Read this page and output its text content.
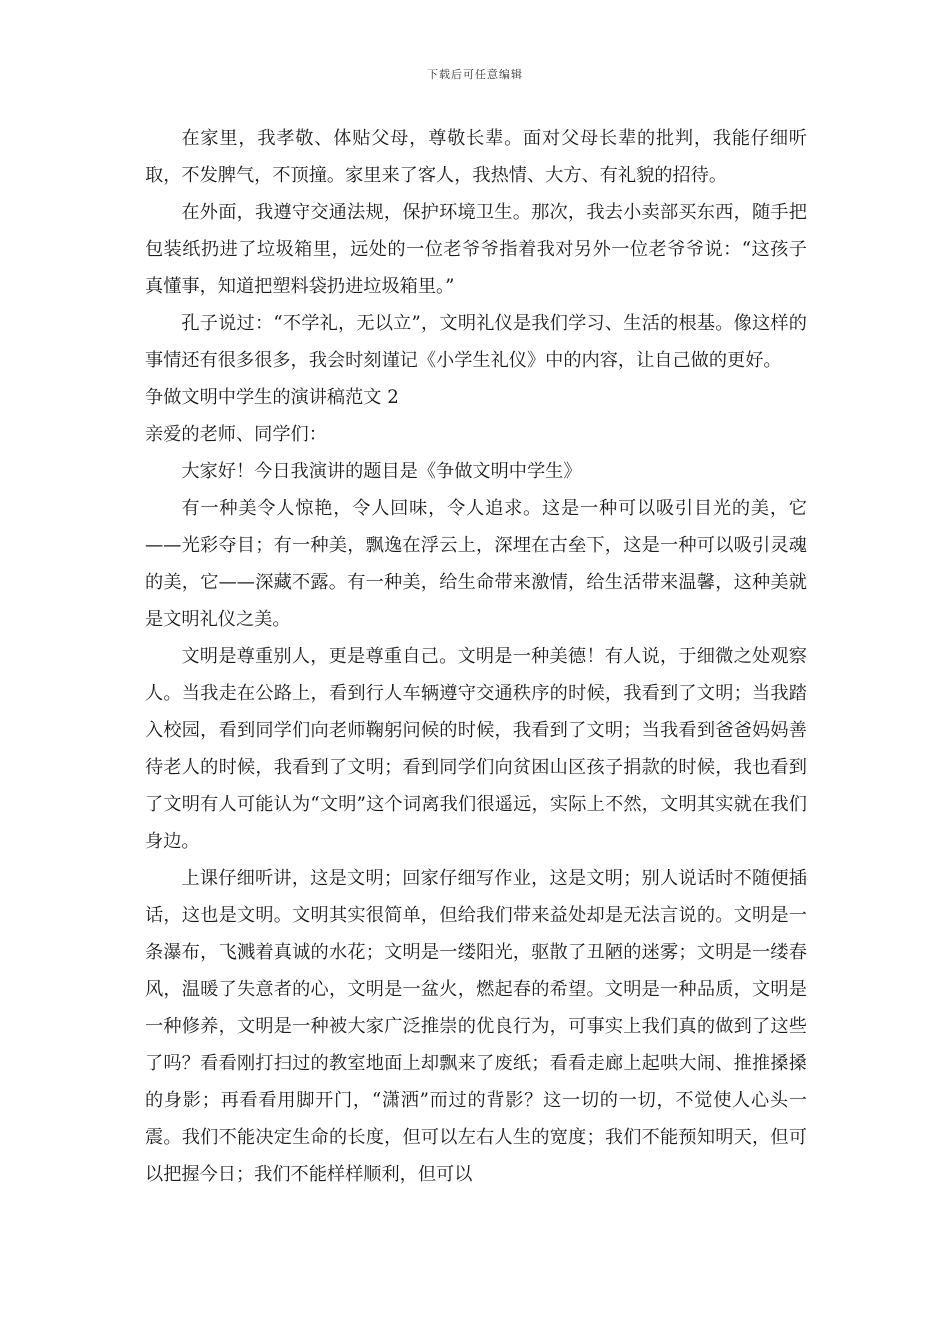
下载后可任意编辑

在家里，我孝敬、体贴父母，尊敬长辈。面对父母长辈的批判，我能仔细听取，不发脾气，不顶撞。家里来了客人，我热情、大方、有礼貌的招待。

在外面，我遵守交通法规，保护环境卫生。那次，我去小卖部买东西，随手把包装纸扔进了垃圾箱里，远处的一位老爷爷指着我对另外一位老爷爷说：“这孩子真懂事，知道把塑料袋扔进垃圾箱里。”

孔子说过：“不学礼，无以立”，文明礼仪是我们学习、生活的根基。像这样的事情还有很多很多，我会时刻谨记《小学生礼仪》中的内容，让自己做的更好。

争做文明中学生的演讲稿范文 2

亲爱的老师、同学们：

大家好！今日我演讲的题目是《争做文明中学生》

有一种美令人惊艳，令人回味，令人追求。这是一种可以吸引目光的美，它——光彩夺目；有一种美，飘逸在浮云上，深埋在古垒下，这是一种可以吸引灵魂的美，它——深藏不露。有一种美，给生命带来激情，给生活带来温馨，这种美就是文明礼仪之美。

文明是尊重别人，更是尊重自己。文明是一种美德！有人说，于细微之处观察人。当我走在公路上，看到行人车辆遵守交通秩序的时候，我看到了文明；当我踏入校园，看到同学们向老师鞠躬问候的时候，我看到了文明；当我看到爸爸妈妈善待老人的时候，我看到了文明；看到同学们向贫困山区孩子捐款的时候，我也看到了文明有人可能认为“文明”这个词离我们很遥远，实际上不然，文明其实就在我们身边。

上课仔细听讲，这是文明；回家仔细写作业，这是文明；别人说话时不随便插话，这也是文明。文明其实很简单，但给我们带来益处却是无法言说的。文明是一条瀑布，飞溅着真诚的水花；文明是一缕阳光，驱散了丑陋的迷雾；文明是一缕春风，温暖了失意者的心，文明是一盆火，燃起春的希望。文明是一种品质，文明是一种修养，文明是一种被大家广泛推崇的优良行为，可事实上我们真的做到了这些了吗？看看刚打扫过的教室地面上却飘来了废纸；看看走廊上起哄大闹、推推搡搡的身影；再看看用脚开门，“潇洒”而过的背影？这一切的一切，不觉使人心头一震。我们不能决定生命的长度，但可以左右人生的宽度；我们不能预知明天，但可以把握今日；我们不能样样顺利，但可以
